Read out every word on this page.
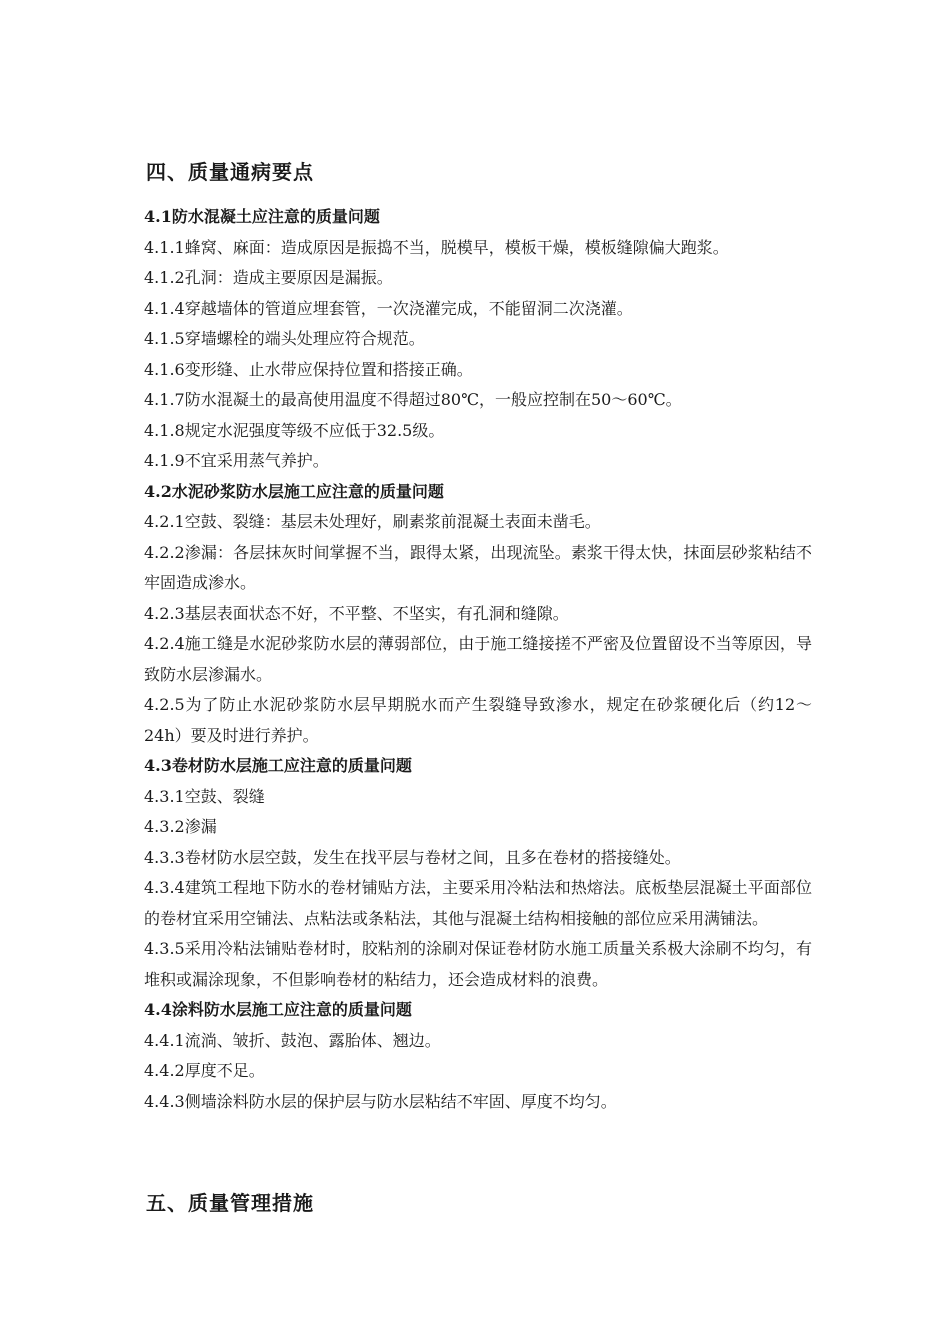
四、质量通病要点
4.1防水混凝土应注意的质量问题
4.1.1蜂窝、麻面：造成原因是振捣不当，脱模早，模板干燥，模板缝隙偏大跑浆。
4.1.2孔洞：造成主要原因是漏振。
4.1.4穿越墙体的管道应埋套管，一次浇灌完成，不能留洞二次浇灌。
4.1.5穿墙螺栓的端头处理应符合规范。
4.1.6变形缝、止水带应保持位置和搭接正确。
4.1.7防水混凝土的最高使用温度不得超过80℃，一般应控制在50～60℃。
4.1.8规定水泥强度等级不应低于32.5级。
4.1.9不宜采用蒸气养护。
4.2水泥砂浆防水层施工应注意的质量问题
4.2.1空鼓、裂缝：基层未处理好，刷素浆前混凝土表面未凿毛。
4.2.2渗漏：各层抹灰时间掌握不当，跟得太紧，出现流坠。素浆干得太快，抹面层砂浆粘结不牢固造成渗水。
4.2.3基层表面状态不好，不平整、不坚实，有孔洞和缝隙。
4.2.4施工缝是水泥砂浆防水层的薄弱部位，由于施工缝接搓不严密及位置留设不当等原因，导致防水层渗漏水。
4.2.5为了防止水泥砂浆防水层早期脱水而产生裂缝导致渗水，规定在砂浆硬化后（约12～24h）要及时进行养护。
4.3卷材防水层施工应注意的质量问题
4.3.1空鼓、裂缝
4.3.2渗漏
4.3.3卷材防水层空鼓，发生在找平层与卷材之间，且多在卷材的搭接缝处。
4.3.4建筑工程地下防水的卷材铺贴方法，主要采用冷粘法和热熔法。底板垫层混凝土平面部位的卷材宜采用空铺法、点粘法或条粘法，其他与混凝土结构相接触的部位应采用满铺法。
4.3.5采用冷粘法铺贴卷材时，胶粘剂的涂刷对保证卷材防水施工质量关系极大涂刷不均匀，有堆积或漏涂现象，不但影响卷材的粘结力，还会造成材料的浪费。
4.4涂料防水层施工应注意的质量问题
4.4.1流淌、皱折、鼓泡、露胎体、翘边。
4.4.2厚度不足。
4.4.3侧墙涂料防水层的保护层与防水层粘结不牢固、厚度不均匀。
五、质量管理措施
